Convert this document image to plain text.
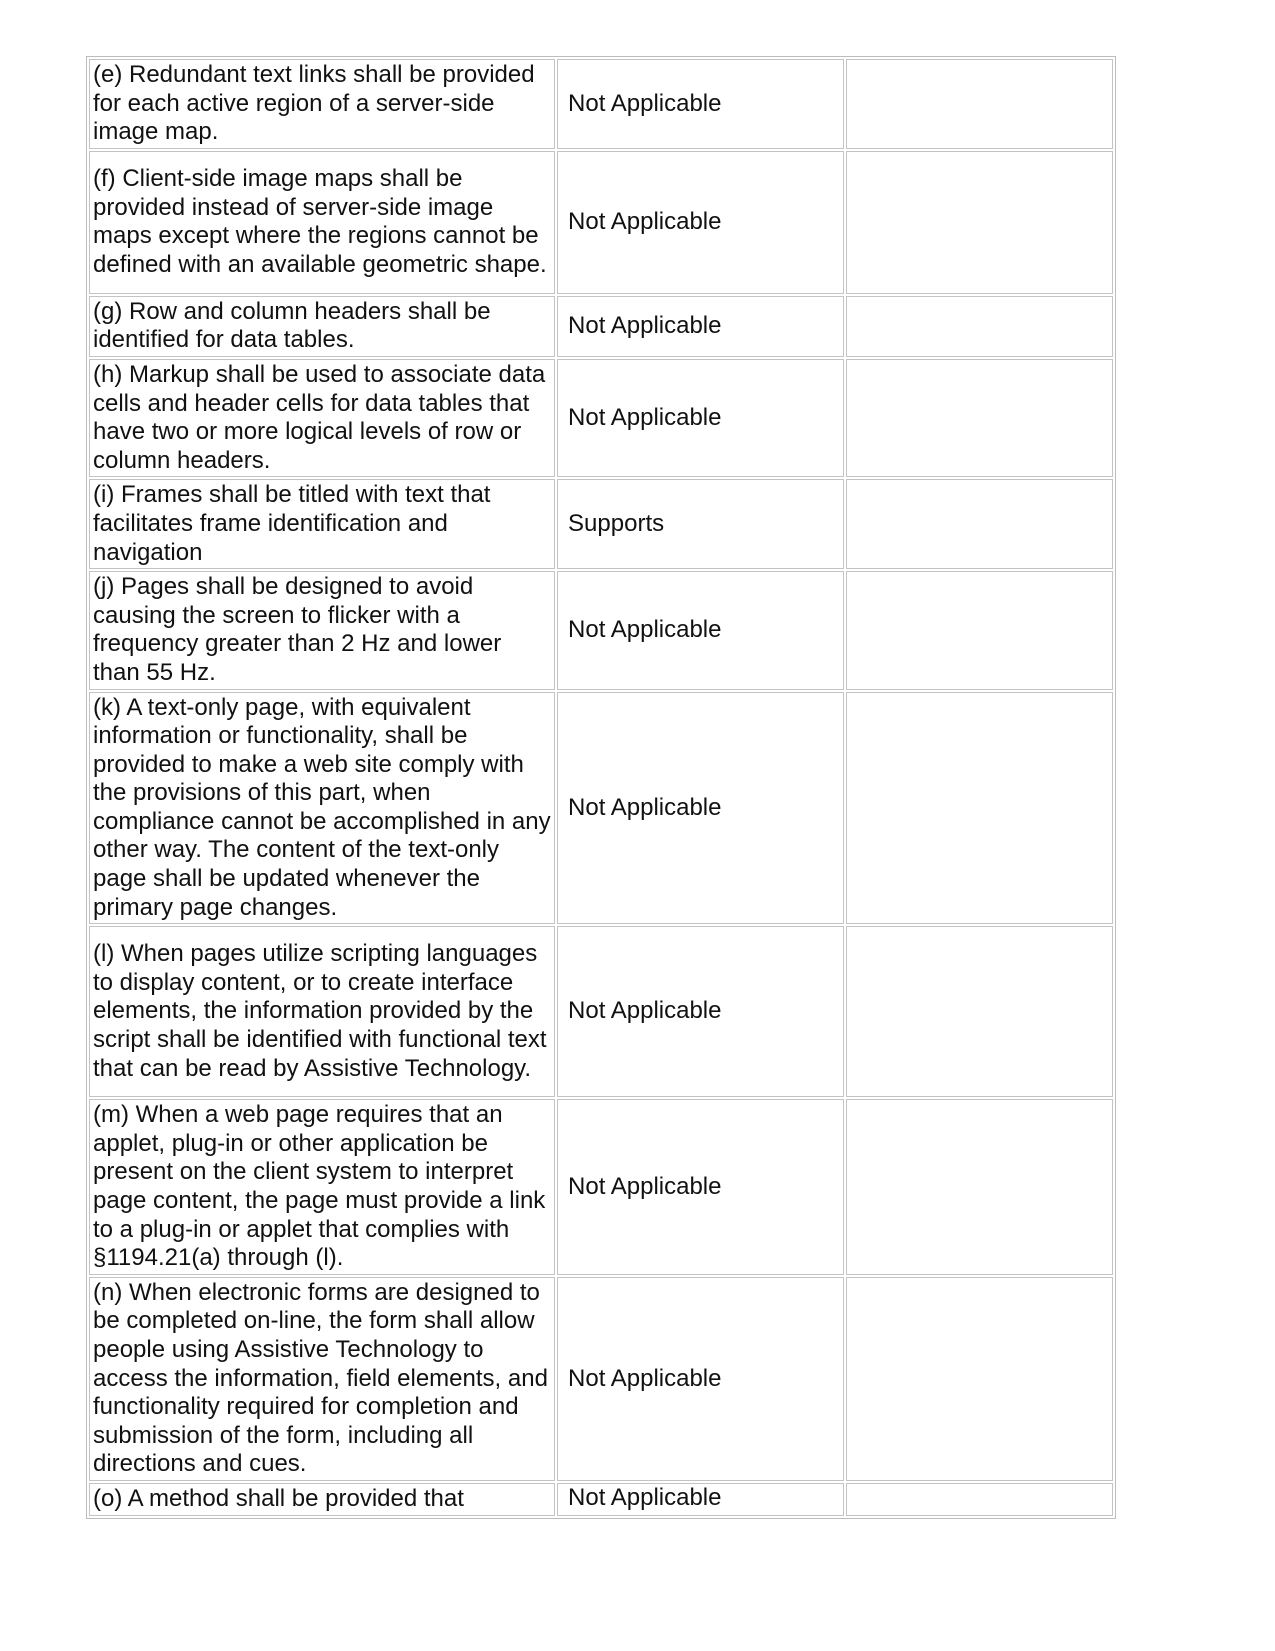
(e) Redundant text links shall be provided for each active region of a server-side image map.	Not Applicable	

(f) Client-side image maps shall be provided instead of server-side image maps except where the regions cannot be defined with an available geometric shape.	Not Applicable	

(g) Row and column headers shall be identified for data tables.	Not Applicable	

(h) Markup shall be used to associate data cells and header cells for data tables that have two or more logical levels of row or column headers.	Not Applicable	

(i) Frames shall be titled with text that facilitates frame identification and navigation	Supports	

(j) Pages shall be designed to avoid causing the screen to flicker with a frequency greater than 2 Hz and lower than 55 Hz.	Not Applicable	

(k) A text-only page, with equivalent information or functionality, shall be provided to make a web site comply with the provisions of this part, when compliance cannot be accomplished in any other way. The content of the text-only page shall be updated whenever the primary page changes.	Not Applicable	

(l) When pages utilize scripting languages to display content, or to create interface elements, the information provided by the script shall be identified with functional text that can be read by Assistive Technology.	Not Applicable	

(m) When a web page requires that an applet, plug-in or other application be present on the client system to interpret page content, the page must provide a link to a plug-in or applet that complies with §1194.21(a) through (l).	Not Applicable	

(n) When electronic forms are designed to be completed on-line, the form shall allow people using Assistive Technology to access the information, field elements, and functionality required for completion and submission of the form, including all directions and cues.	Not Applicable	

(o) A method shall be provided that	Not Applicable	
